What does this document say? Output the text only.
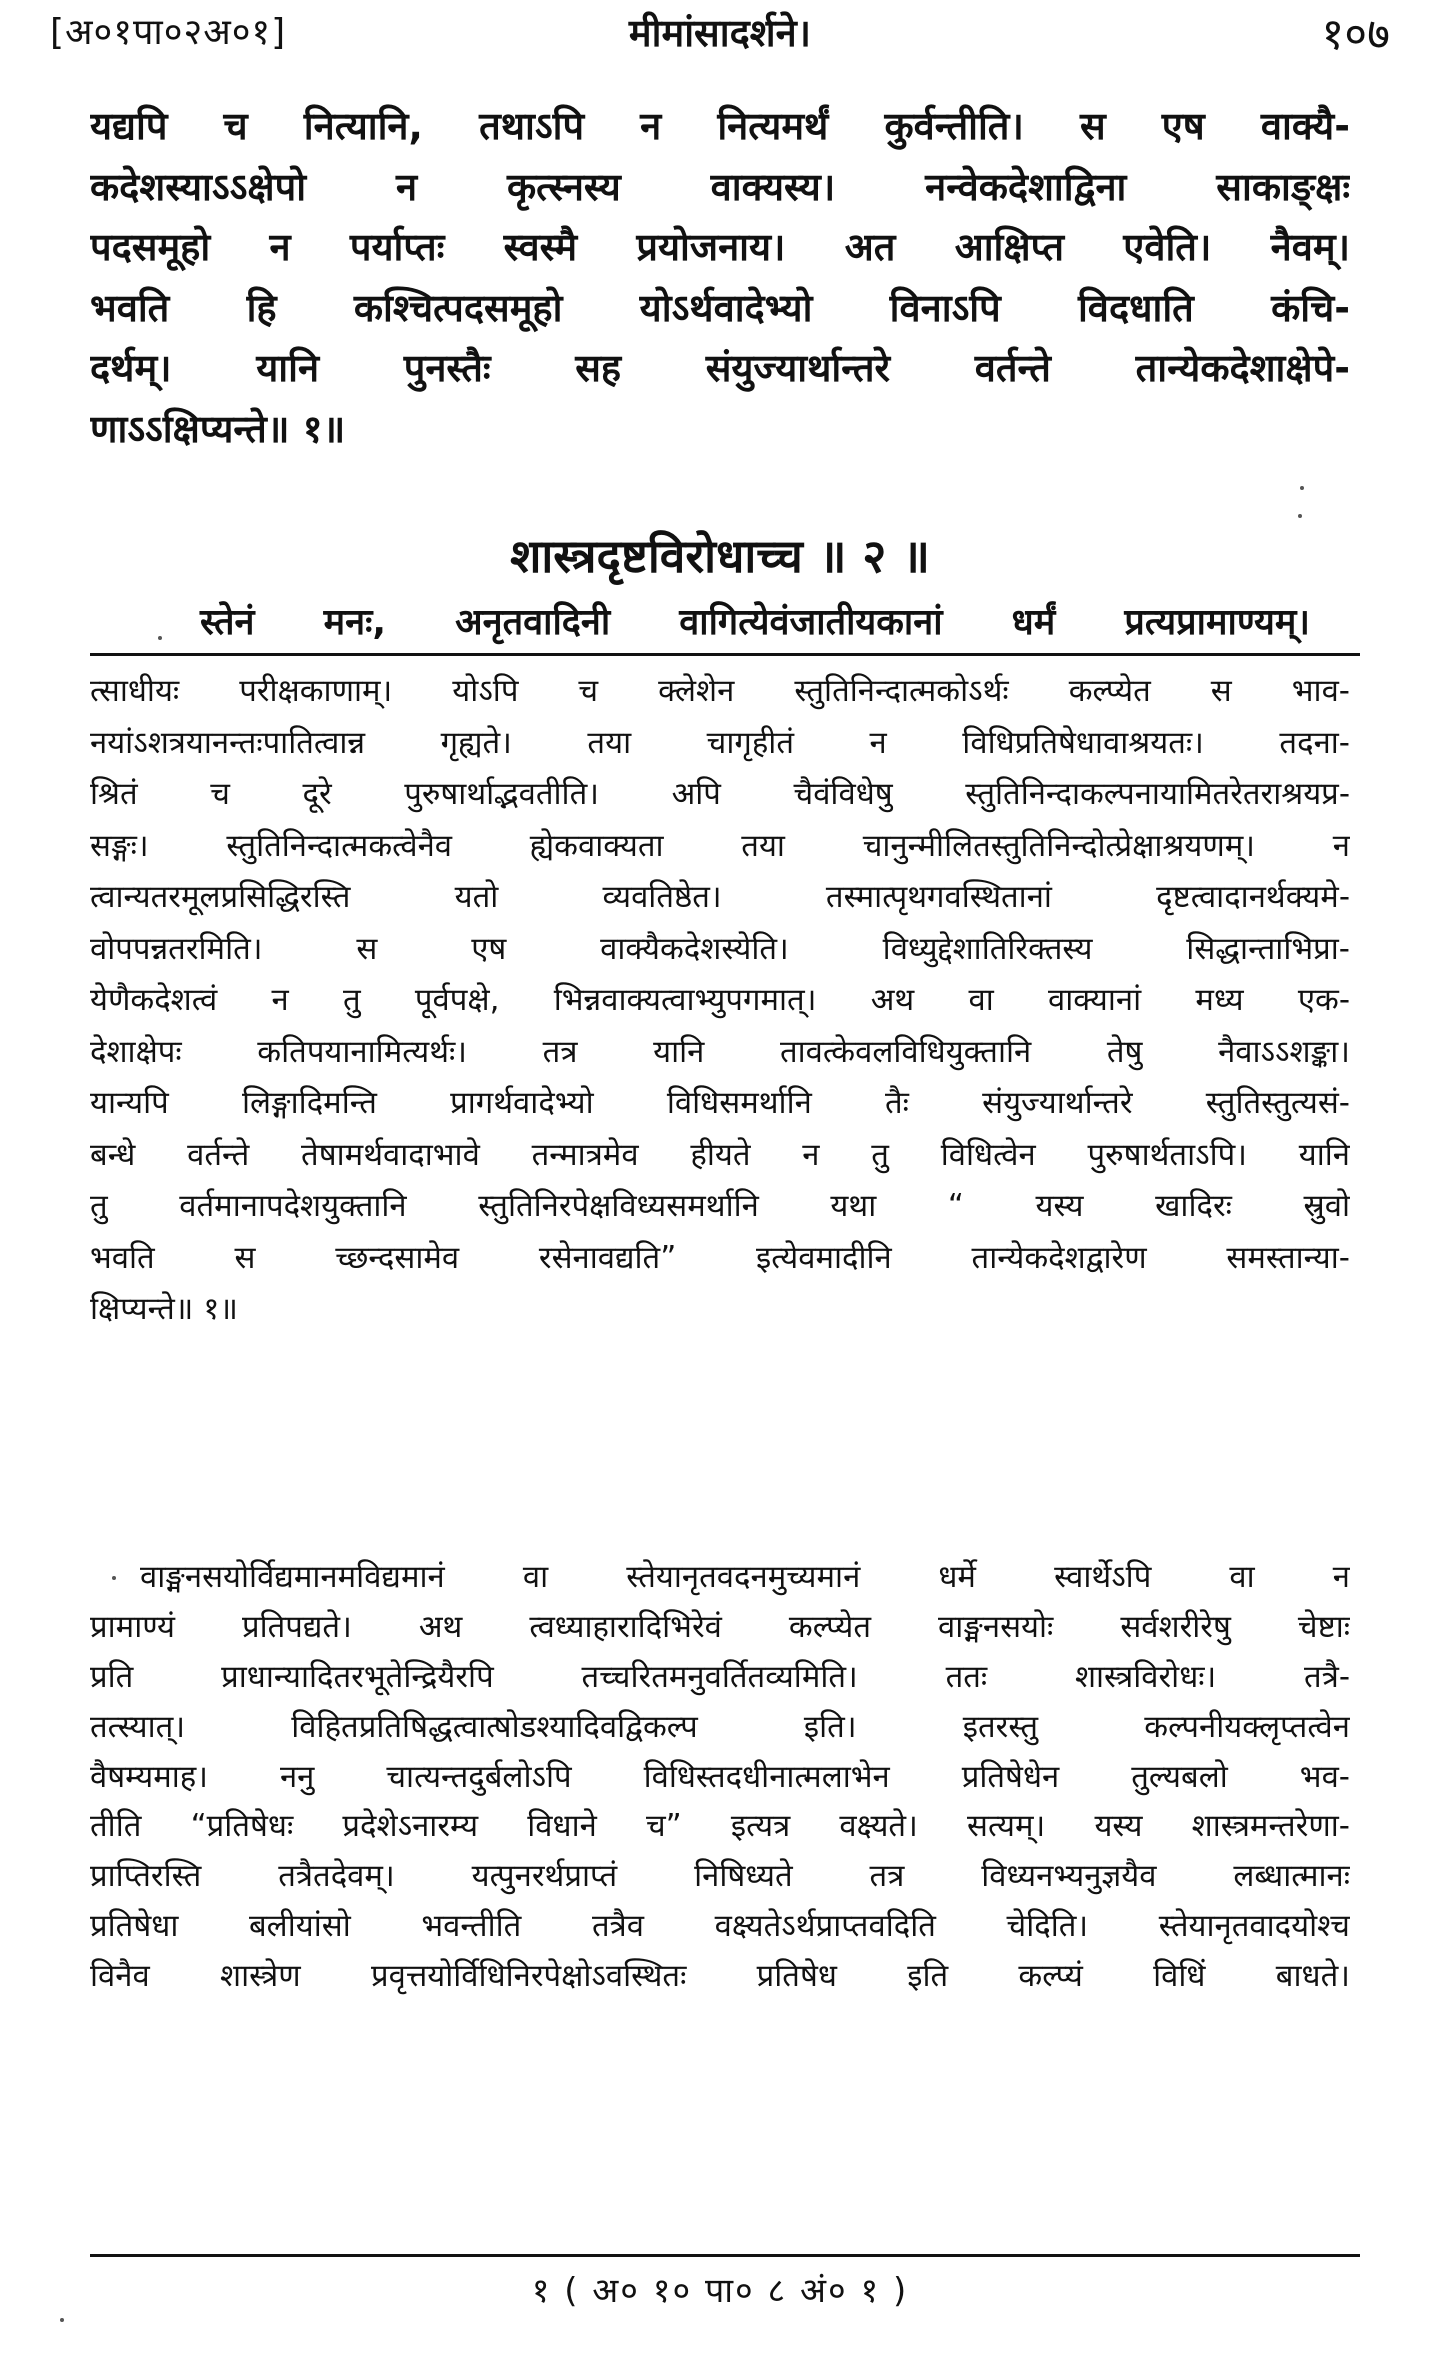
[अ०१पा०२अ०१]	मीमांसादर्शने।	१०७
यद्यपि च नित्यानि, तथाऽपि न नित्यमर्थं कुर्वन्तीति। स एष वाक्यै-
कदेशस्याऽऽक्षेपो न कृत्स्नस्य वाक्यस्य। नन्वेकदेशाद्विना साकाङ्क्षः
पदसमूहो न पर्याप्तः स्वस्मै प्रयोजनाय। अत आक्षिप्त एवेति। नैवम्।
भवति हि कश्चित्पदसमूहो योऽर्थवादेभ्यो विनाऽपि विदधाति कंचि-
दर्थम्। यानि पुनस्तैः सह संयुज्यार्थान्तरे वर्तन्ते तान्येकदेशाक्षेपे-
णाऽऽक्षिप्यन्ते॥ १॥
शास्त्रदृष्टविरोधाच्च ॥ २ ॥
स्तेनं मनः, अनृतवादिनी वागित्येवंजातीयकानां धर्मं प्रत्यप्रामाण्यम्।
त्साधीयः परीक्षकाणाम्। योऽपि च क्लेशेन स्तुतिनिन्दात्मकोऽर्थः कल्प्येत स भाव-
नयांऽशत्रयानन्तःपातित्वान्न गृह्यते। तया चागृहीतं न विधिप्रतिषेधावाश्रयतः। तदना-
श्रितं च दूरे पुरुषार्थाद्भवतीति। अपि चैवंविधेषु स्तुतिनिन्दाकल्पनायामितरेतराश्रयप्र-
सङ्गः। स्तुतिनिन्दात्मकत्वेनैव ह्येकवाक्यता तया चानुन्मीलितस्तुतिनिन्दोत्प्रेक्षाश्रयणम्। न
त्वान्यतरमूलप्रसिद्धिरस्ति यतो व्यवतिष्ठेत। तस्मात्पृथगवस्थितानां दृष्टत्वादानर्थक्यमे-
वोपपन्नतरमिति। स एष वाक्यैकदेशस्येति। विध्युद्देशातिरिक्तस्य सिद्धान्ताभिप्रा-
येणैकदेशत्वं न तु पूर्वपक्षे, भिन्नवाक्यत्वाभ्युपगमात्। अथ वा वाक्यानां मध्य एक-
देशाक्षेपः कतिपयानामित्यर्थः। तत्र यानि तावत्केवलविधियुक्तानि तेषु नैवाऽऽशङ्का।
यान्यपि लिङ्गादिमन्ति प्रागर्थवादेभ्यो विधिसमर्थानि तैः संयुज्यार्थान्तरे स्तुतिस्तुत्यसं-
बन्धे वर्तन्ते तेषामर्थवादाभावे तन्मात्रमेव हीयते न तु विधित्वेन पुरुषार्थताऽपि। यानि
तु वर्तमानापदेशयुक्तानि स्तुतिनिरपेक्षविध्यसमर्थानि यथा “ यस्य खादिरः स्रुवो
भवति स च्छन्दसामेव रसेनावद्यति” इत्येवमादीनि तान्येकदेशद्वारेण समस्तान्या-
क्षिप्यन्ते॥ १॥
वाङ्मनसयोर्विद्यमानमविद्यमानं वा स्तेयानृतवदनमुच्यमानं धर्मे स्वार्थेऽपि वा न
प्रामाण्यं प्रतिपद्यते। अथ त्वध्याहारादिभिरेवं कल्प्येत वाङ्मनसयोः सर्वशरीरेषु चेष्टाः
प्रति प्राधान्यादितरभूतेन्द्रियैरपि तच्चरितमनुवर्तितव्यमिति। ततः शास्त्रविरोधः। तत्रै-
तत्स्यात्। विहितप्रतिषिद्धत्वात्षोडश्यादिवद्विकल्प इति। इतरस्तु कल्पनीयक्लृप्तत्वेन
वैषम्यमाह। ननु चात्यन्तदुर्बलोऽपि विधिस्तदधीनात्मलाभेन प्रतिषेधेन तुल्यबलो भव-
तीति “प्रतिषेधः प्रदेशेऽनारम्य विधाने च” इत्यत्र वक्ष्यते। सत्यम्। यस्य शास्त्रमन्तरेणा-
प्राप्तिरस्ति तत्रैतदेवम्। यत्पुनरर्थप्राप्तं निषिध्यते तत्र विध्यनभ्यनुज्ञयैव लब्धात्मानः
प्रतिषेधा बलीयांसो भवन्तीति तत्रैव वक्ष्यतेऽर्थप्राप्तवदिति चेदिति। स्तेयानृतवादयोश्च
विनैव शास्त्रेण प्रवृत्तयोर्विधिनिरपेक्षोऽवस्थितः प्रतिषेध इति कल्प्यं विधिं बाधते।
१ ( अ० १० पा० ८ अं० १ )
